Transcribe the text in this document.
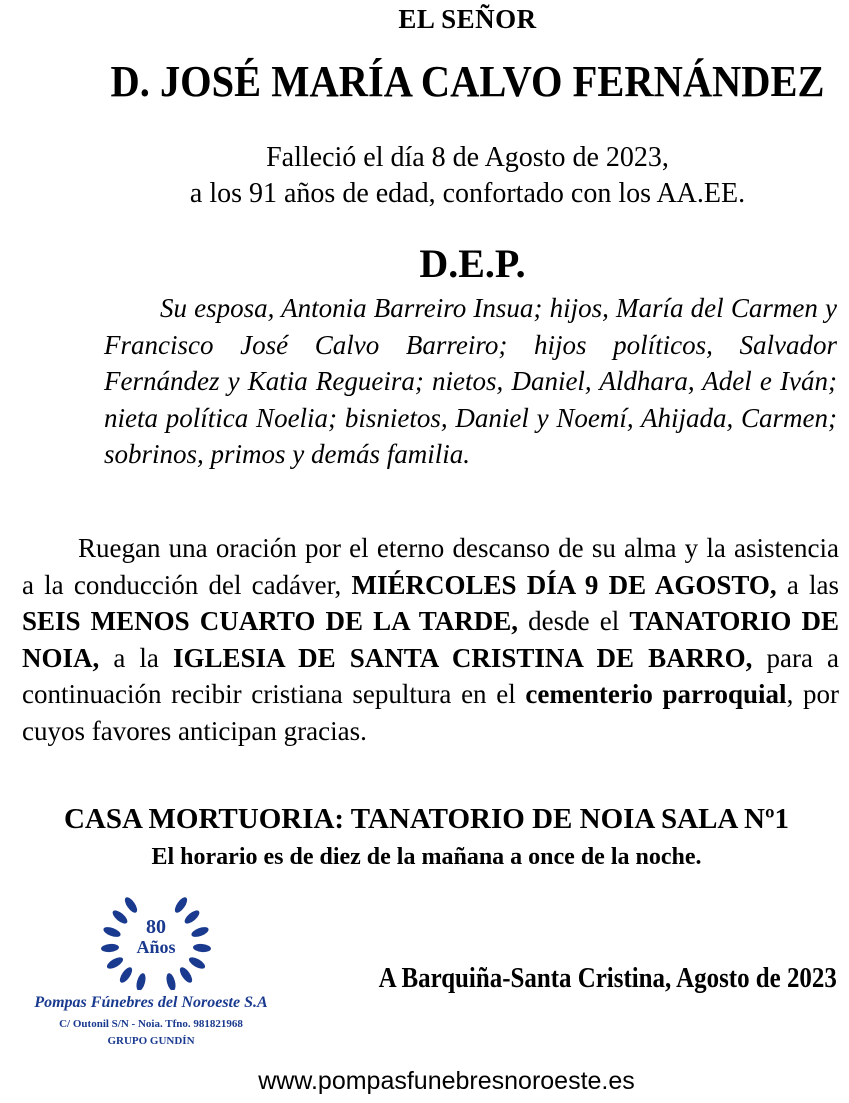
EL SEÑOR
D. JOSÉ MARÍA CALVO FERNÁNDEZ
Falleció el día 8 de Agosto de 2023,
a los 91 años de edad, confortado con los AA.EE.
D.E.P.
Su esposa, Antonia Barreiro Insua; hijos, María del Carmen y Francisco José Calvo Barreiro; hijos políticos, Salvador Fernández y Katia Regueira; nietos, Daniel, Aldhara, Adel e Iván; nieta política Noelia; bisnietos, Daniel y Noemí, Ahijada, Carmen; sobrinos, primos y demás familia.
Ruegan una oración por el eterno descanso de su alma y la asistencia a la conducción del cadáver, MIÉRCOLES DÍA 9 DE AGOSTO, a las SEIS MENOS CUARTO DE LA TARDE, desde el TANATORIO DE NOIA, a la IGLESIA DE SANTA CRISTINA DE BARRO, para a continuación recibir cristiana sepultura en el cementerio parroquial, por cuyos favores anticipan gracias.
CASA MORTUORIA: TANATORIO DE NOIA SALA Nº1
El horario es de diez de la mañana a once de la noche.
80
Años
Pompas Fúnebres del Noroeste S.A
C/ Outonil S/N - Noia. Tfno. 981821968
GRUPO GUNDÍN
A Barquiña-Santa Cristina, Agosto de 2023
www.pompasfunebresnoroeste.es
